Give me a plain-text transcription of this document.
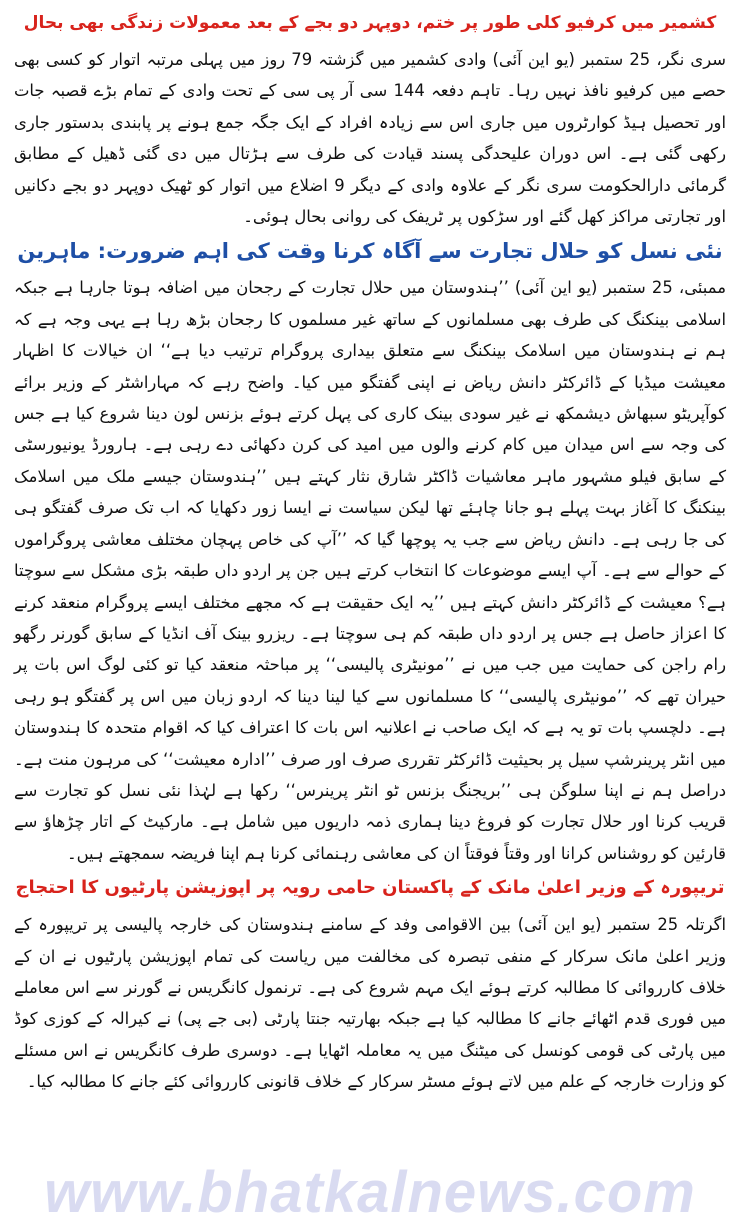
کشمیر میں کرفیو کلی طور پر ختم، دوپہر دو بجے کے بعد معمولات زندگی بھی بحال

سری نگر، 25 ستمبر (یو این آئی) وادی کشمیر میں گزشتہ 79 روز میں پہلی مرتبہ اتوار کو کسی بھی حصے میں کرفیو نافذ نہیں رہا۔ تاہم دفعہ 144 سی آر پی سی کے تحت وادی کے تمام بڑے قصبہ جات اور تحصیل ہیڈ کوارٹروں میں جاری اس سے زیادہ افراد کے ایک جگہ جمع ہونے پر پابندی بدستور جاری رکھی گئی ہے۔ اس دوران علیحدگی پسند قیادت کی طرف سے ہڑتال میں دی گئی ڈھیل کے مطابق گرمائی دارالحکومت سری نگر کے علاوہ وادی کے دیگر 9 اضلاع میں اتوار کو ٹھیک دوپہر دو بجے دکانیں اور تجارتی مراکز کھل گئے اور سڑکوں پر ٹریفک کی روانی بحال ہوئی۔

نئی نسل کو حلال تجارت سے آگاہ کرنا وقت کی اہم ضرورت: ماہرین

ممبئی، 25 ستمبر (یو این آئی) ’’ہندوستان میں حلال تجارت کے رجحان میں اضافہ ہوتا جارہا ہے جبکہ اسلامی بینکنگ کی طرف بھی مسلمانوں کے ساتھ غیر مسلموں کا رجحان بڑھ رہا ہے یہی وجہ ہے کہ ہم نے ہندوستان میں اسلامک بینکنگ سے متعلق بیداری پروگرام ترتیب دیا ہے‘‘ ان خیالات کا اظہار معیشت میڈیا کے ڈائرکٹر دانش ریاض نے اپنی گفتگو میں کیا۔ واضح رہے کہ مہاراشٹر کے وزیر برائے کوآپریٹو سبھاش دیشمکھ نے غیر سودی بینک کاری کی پہل کرتے ہوئے بزنس لون دینا شروع کیا ہے جس کی وجہ سے اس میدان میں کام کرنے والوں میں امید کی کرن دکھائی دے رہی ہے۔ ہارورڈ یونیورسٹی کے سابق فیلو مشہور ماہر معاشیات ڈاکٹر شارق نثار کہتے ہیں ’’ہندوستان جیسے ملک میں اسلامک بینکنگ کا آغاز بہت پہلے ہو جانا چاہئے تھا لیکن سیاست نے ایسا زور دکھایا کہ اب تک صرف گفتگو ہی کی جا رہی ہے۔ دانش ریاض سے جب یہ پوچھا گیا کہ ’’آپ کی خاص پہچان مختلف معاشی پروگراموں کے حوالے سے ہے۔ آپ ایسے موضوعات کا انتخاب کرتے ہیں جن پر اردو داں طبقہ بڑی مشکل سے سوچتا ہے؟ معیشت کے ڈائرکٹر دانش کہتے ہیں ’’یہ ایک حقیقت ہے کہ مجھے مختلف ایسے پروگرام منعقد کرنے کا اعزاز حاصل ہے جس پر اردو داں طبقہ کم ہی سوچتا ہے۔ ریزرو بینک آف انڈیا کے سابق گورنر رگھو رام راجن کی حمایت میں جب میں نے ’’مونیٹری پالیسی‘‘ پر مباحثہ منعقد کیا تو کئی لوگ اس بات پر حیران تھے کہ ’’مونیٹری پالیسی‘‘ کا مسلمانوں سے کیا لینا دینا کہ اردو زبان میں اس پر گفتگو ہو رہی ہے۔ دلچسپ بات تو یہ ہے کہ ایک صاحب نے اعلانیہ اس بات کا اعتراف کیا کہ اقوام متحدہ کا ہندوستان میں انٹر پرینرشپ سیل پر بحیثیت ڈائرکٹر تقرری صرف اور صرف ’’ادارہ معیشت‘‘ کی مرہون منت ہے۔ دراصل ہم نے اپنا سلوگن ہی ’’بریجنگ بزنس ٹو انٹر پرینرس‘‘ رکھا ہے لہٰذا نئی نسل کو تجارت سے قریب کرنا اور حلال تجارت کو فروغ دینا ہماری ذمہ داریوں میں شامل ہے۔ مارکیٹ کے اتار چڑھاؤ سے قارئین کو روشناس کرانا اور وقتاً فوقتاً ان کی معاشی رہنمائی کرنا ہم اپنا فریضہ سمجھتے ہیں۔

تریپورہ کے وزیر اعلیٰ مانک کے پاکستان حامی رویہ پر اپوزیشن پارٹیوں کا احتجاج

اگرتلہ 25 ستمبر (یو این آئی) بین الاقوامی وفد کے سامنے ہندوستان کی خارجہ پالیسی پر تریپورہ کے وزیر اعلیٰ مانک سرکار کے منفی تبصرہ کی مخالفت میں ریاست کی تمام اپوزیشن پارٹیوں نے ان کے خلاف کارروائی کا مطالبہ کرتے ہوئے ایک مہم شروع کی ہے۔ ترنمول کانگریس نے گورنر سے اس معاملے میں فوری قدم اٹھائے جانے کا مطالبہ کیا ہے جبکہ بھارتیہ جنتا پارٹی (بی جے پی) نے کیرالہ کے کوزی کوڈ میں پارٹی کی قومی کونسل کی میٹنگ میں یہ معاملہ اٹھایا ہے۔ دوسری طرف کانگریس نے اس مسئلے کو وزارت خارجہ کے علم میں لاتے ہوئے مسٹر سرکار کے خلاف قانونی کارروائی کئے جانے کا مطالبہ کیا۔

www.bhatkalnews.com
